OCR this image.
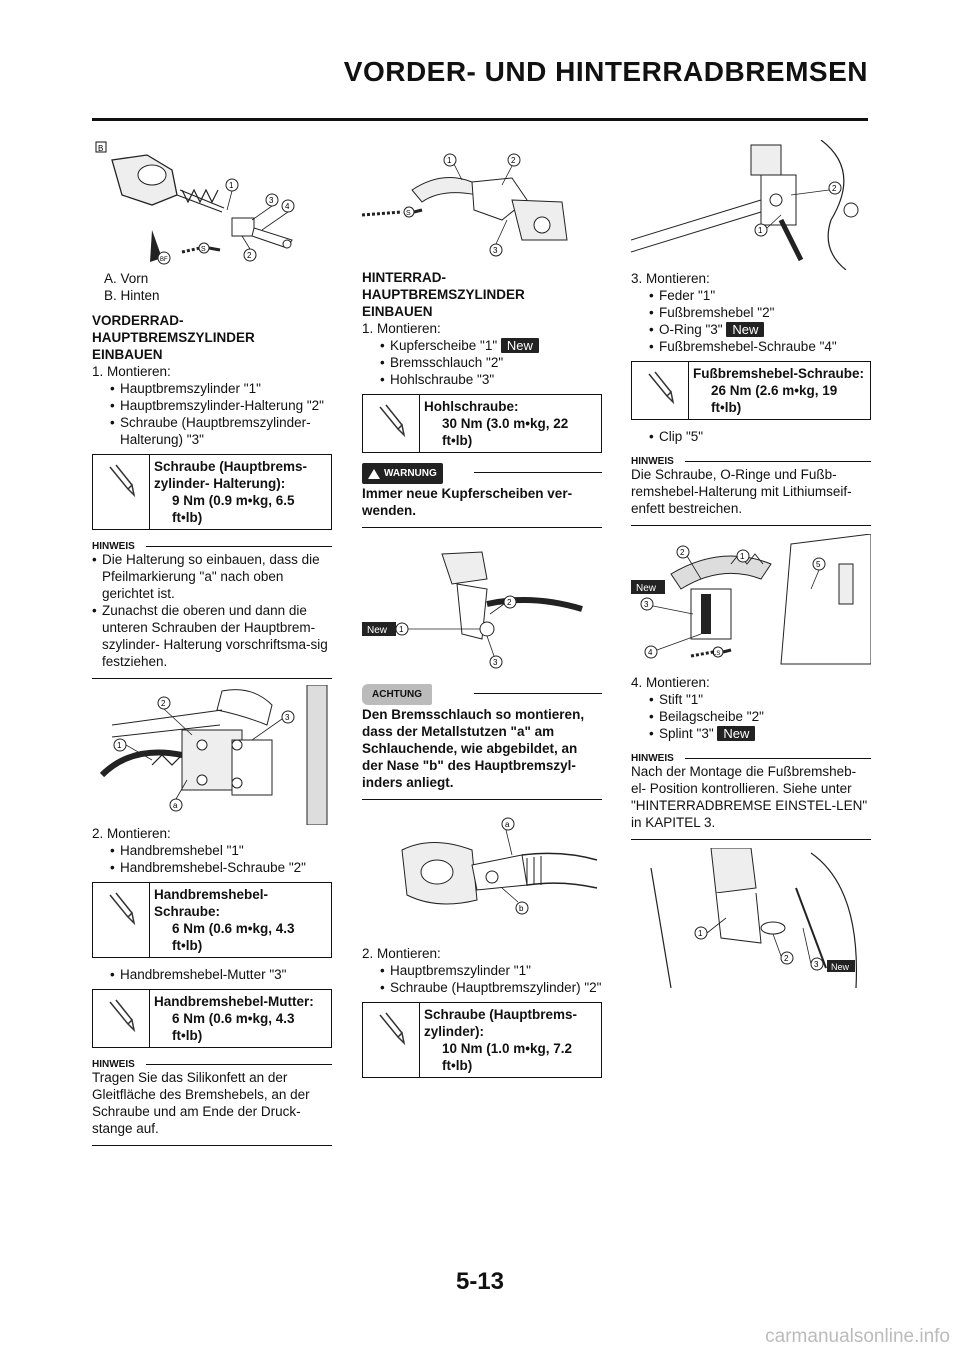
VORDER- UND HINTERRADBREMSEN
B
BF
S
1
3
4
2

A. Vorn

B. Hinten

VORDERRAD-
HAUPTBREMSZYLINDER
EINBAUEN

1. Montieren:

• Hauptbremszylinder "1"

• Hauptbremszylinder-Halterung "2"

• Schraube (Hauptbremszylinder-Halterung) "3"

Schraube (Hauptbrems-zylinder- Halterung):
9 Nm (0.9 m•kg, 6.5 ft•lb)
HINWEIS

• Die Halterung so einbauen, dass die Pfeilmarkierung "a" nach oben gerichtet ist.

• Zunachst die oberen und dann die unteren Schrauben der Hauptbrem-szylinder- Halterung vorschriftsma-sig festziehen.

1
2
3
a

2. Montieren:

• Handbremshebel "1"

• Handbremshebel-Schraube "2"

Handbremshebel-Schraube:
6 Nm (0.6 m•kg, 4.3 ft•lb)

• Handbremshebel-Mutter "3"

Handbremshebel-Mutter:
6 Nm (0.6 m•kg, 4.3 ft•lb)
HINWEIS

Tragen Sie das Silikonfett an der Gleitfläche des Bremshebels, an der Schraube und am Ende der Druck-stange auf.

S
1	2
3

HINTERRAD-
HAUPTBREMSZYLINDER
EINBAUEN

1. Montieren:

• Kupferscheibe "1" New

• Bremsschlauch "2"

• Hohlschraube "3"

Hohlschraube:
30 Nm (3.0 m•kg, 22 ft•lb)
WARNUNG

Immer neue Kupferscheiben ver-wenden.

New 1
2
3
ACHTUNG

Den Bremsschlauch so montieren, dass der Metallstutzen "a" am Schlauchende, wie abgebildet, an der Nase "b" des Hauptbremszyl-inders anliegt.

a
b

2. Montieren:

• Hauptbremszylinder "1"

• Schraube (Hauptbremszylinder) "2"

Schraube (Hauptbrems-zylinder):
10 Nm (1.0 m•kg, 7.2 ft•lb)
1
2

3. Montieren:

• Feder "1"

• Fußbremshebel "2"

• O-Ring "3" New

• Fußbremshebel-Schraube "4"

Fußbremshebel-Schraube:
26 Nm (2.6 m•kg, 19 ft•lb)

• Clip "5"

HINWEIS

Die Schraube, O-Ringe und Fußb-remshebel-Halterung mit Lithiumseif-enfett bestreichen.

New
LS
2	1
3
4
5

4. Montieren:

• Stift "1"

• Beilagscheibe "2"

• Splint "3" New

HINWEIS

Nach der Montage die Fußbremsheb-el- Position kontrollieren. Siehe unter "HINTERRADBREMSE EINSTEL-LEN" in KAPITEL 3.

1
2
3 New
5-13
carmanualsonline.info
